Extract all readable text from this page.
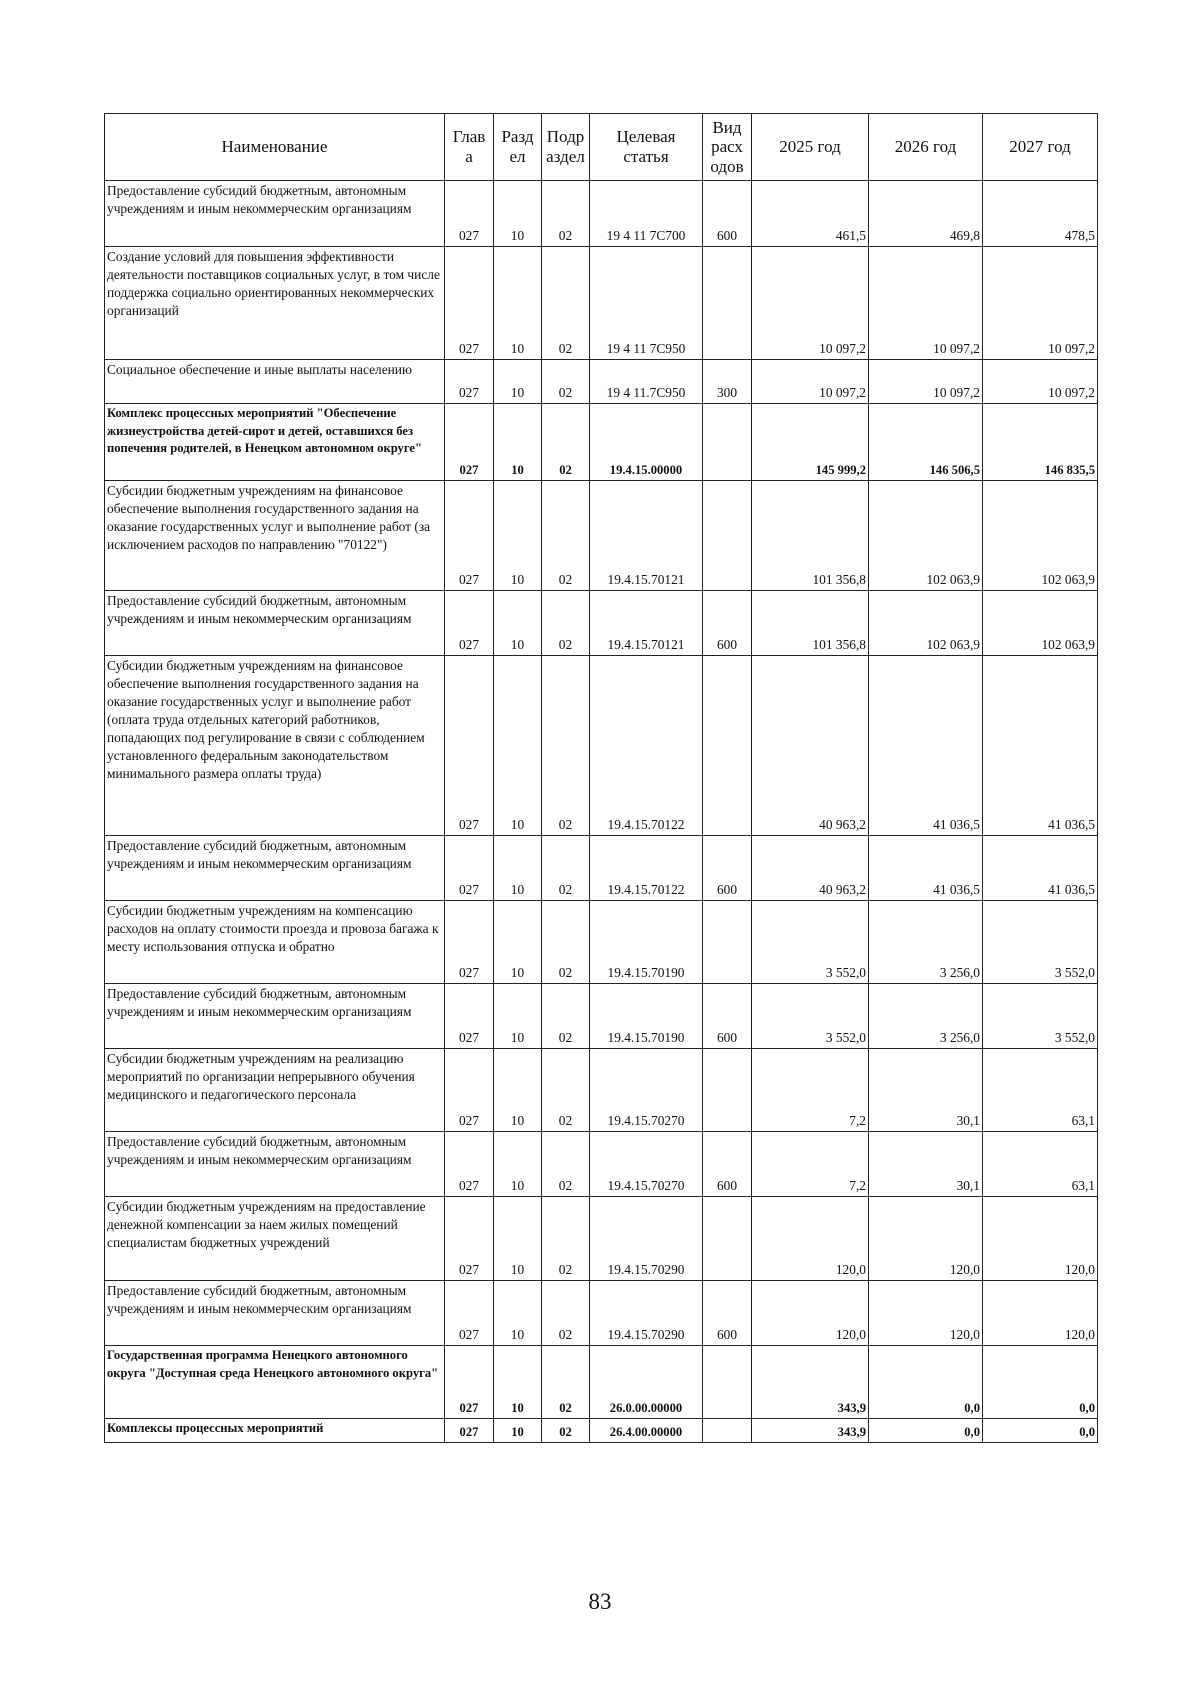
Наименование	Глав а	Разд ел	Подр аздел	Целевая статья	Вид расх одов	2025 год	2026 год	2027 год
Предоставление субсидий бюджетным, автономным учреждениям и иным некоммерческим организациям	027	10	02	19 4 11 7С700	600	461,5	469,8	478,5
Создание условий для повышения эффективности деятельности поставщиков социальных услуг, в том числе поддержка социально ориентированных некоммерческих организаций	027	10	02	19 4 11 7С950		10 097,2	10 097,2	10 097,2
Социальное обеспечение и иные выплаты населению	027	10	02	19 4 11.7С950	300	10 097,2	10 097,2	10 097,2
Комплекс процессных мероприятий "Обеспечение жизнеустройства детей-сирот и детей, оставшихся без попечения родителей, в Ненецком автономном округе"	027	10	02	19.4.15.00000		145 999,2	146 506,5	146 835,5
Субсидии бюджетным учреждениям на финансовое обеспечение выполнения государственного задания на оказание государственных услуг и выполнение работ (за исключением расходов по направлению "70122")	027	10	02	19.4.15.70121		101 356,8	102 063,9	102 063,9
Предоставление субсидий бюджетным, автономным учреждениям и иным некоммерческим организациям	027	10	02	19.4.15.70121	600	101 356,8	102 063,9	102 063,9
Субсидии бюджетным учреждениям на финансовое обеспечение выполнения государственного задания на оказание государственных услуг и выполнение работ (оплата труда отдельных категорий работников, попадающих под регулирование в связи с соблюдением установленного федеральным законодательством минимального размера оплаты труда)	027	10	02	19.4.15.70122		40 963,2	41 036,5	41 036,5
Предоставление субсидий бюджетным, автономным учреждениям и иным некоммерческим организациям	027	10	02	19.4.15.70122	600	40 963,2	41 036,5	41 036,5
Субсидии бюджетным учреждениям на компенсацию расходов на оплату стоимости проезда и провоза багажа к месту использования отпуска и обратно	027	10	02	19.4.15.70190		3 552,0	3 256,0	3 552,0
Предоставление субсидий бюджетным, автономным учреждениям и иным некоммерческим организациям	027	10	02	19.4.15.70190	600	3 552,0	3 256,0	3 552,0
Субсидии бюджетным учреждениям на реализацию мероприятий по организации непрерывного обучения медицинского и педагогического персонала	027	10	02	19.4.15.70270		7,2	30,1	63,1
Предоставление субсидий бюджетным, автономным учреждениям и иным некоммерческим организациям	027	10	02	19.4.15.70270	600	7,2	30,1	63,1
Субсидии бюджетным учреждениям на предоставление денежной компенсации за наем жилых помещений специалистам бюджетных учреждений	027	10	02	19.4.15.70290		120,0	120,0	120,0
Предоставление субсидий бюджетным, автономным учреждениям и иным некоммерческим организациям	027	10	02	19.4.15.70290	600	120,0	120,0	120,0
Государственная программа Ненецкого автономного округа "Доступная среда Ненецкого автономного округа"	027	10	02	26.0.00.00000		343,9	0,0	0,0
Комплексы процессных мероприятий	027	10	02	26.4.00.00000		343,9	0,0	0,0
83
